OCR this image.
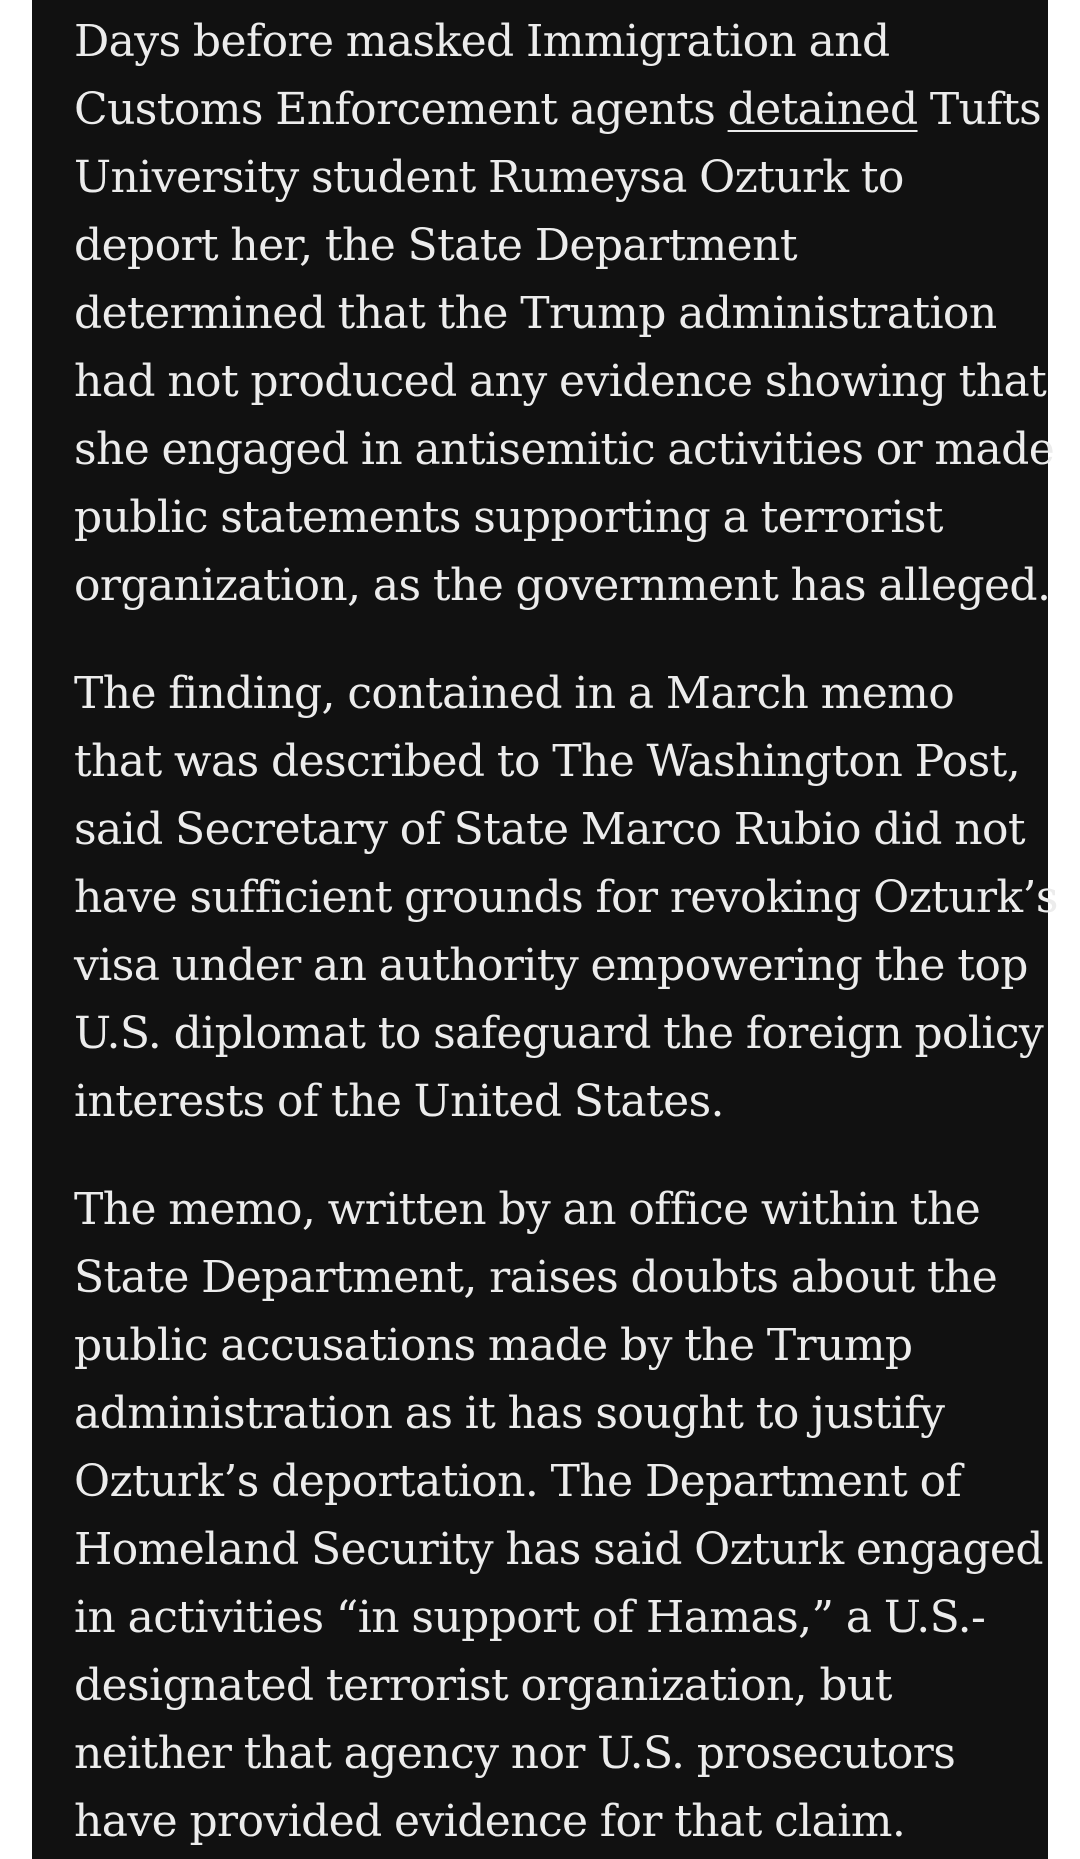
Days before masked Immigration and
Customs Enforcement agents detained Tufts
University student Rumeysa Ozturk to
deport her, the State Department
determined that the Trump administration
had not produced any evidence showing that
she engaged in antisemitic activities or made
public statements supporting a terrorist
organization, as the government has alleged.

The finding, contained in a March memo
that was described to The Washington Post,
said Secretary of State Marco Rubio did not
have sufficient grounds for revoking Ozturk’s
visa under an authority empowering the top
U.S. diplomat to safeguard the foreign policy
interests of the United States.

The memo, written by an office within the
State Department, raises doubts about the
public accusations made by the Trump
administration as it has sought to justify
Ozturk’s deportation. The Department of
Homeland Security has said Ozturk engaged
in activities “in support of Hamas,” a U.S.-
designated terrorist organization, but
neither that agency nor U.S. prosecutors
have provided evidence for that claim.
